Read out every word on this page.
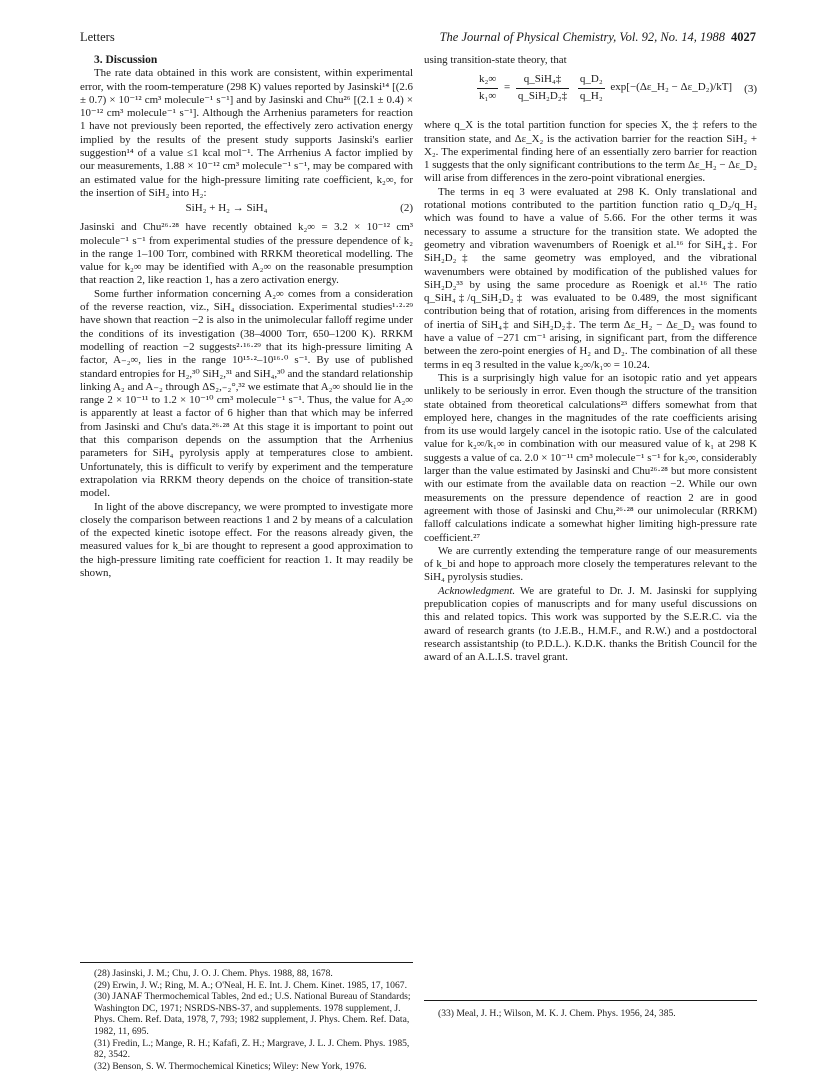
Letters	The Journal of Physical Chemistry, Vol. 92, No. 14, 1988 4027

3. Discussion

The rate data obtained in this work are consistent, within experimental error, with the room-temperature (298 K) values reported by Jasinski¹⁴ [(2.6 ± 0.7) × 10⁻¹² cm³ molecule⁻¹ s⁻¹] and by Jasinski and Chu²⁶ [(2.1 ± 0.4) × 10⁻¹² cm³ molecule⁻¹ s⁻¹]. Although the Arrhenius parameters for reaction 1 have not previously been reported, the effectively zero activation energy implied by the results of the present study supports Jasinski's earlier suggestion¹⁴ of a value ≤1 kcal mol⁻¹. The Arrhenius A factor implied by our measurements, 1.88 × 10⁻¹² cm³ molecule⁻¹ s⁻¹, may be compared with an estimated value for the high-pressure limiting rate coefficient, k₂∞, for the insertion of SiH₂ into H₂:

SiH₂ + H₂ → SiH₄	(2)

Jasinski and Chu²⁶·²⁸ have recently obtained k₂∞ = 3.2 × 10⁻¹² cm³ molecule⁻¹ s⁻¹ from experimental studies of the pressure dependence of k₂ in the range 1–100 Torr, combined with RRKM theoretical modelling. The value for k₂∞ may be identified with A₂∞ on the reasonable presumption that reaction 2, like reaction 1, has a zero activation energy.

Some further information concerning A₂∞ comes from a consideration of the reverse reaction, viz., SiH₄ dissociation. Experimental studies¹·²·²⁹ have shown that reaction −2 is also in the unimolecular falloff regime under the conditions of its investigation (38–4000 Torr, 650–1200 K). RRKM modelling of reaction −2 suggests²·¹⁶·²⁹ that its high-pressure limiting A factor, A₋₂∞, lies in the range 10¹⁵·²–10¹⁶·⁰ s⁻¹. By use of published standard entropies for H₂,³⁰ SiH₂,³¹ and SiH₄,³⁰ and the standard relationship linking A₂ and A₋₂ through ΔS₂,₋₂°,³² we estimate that A₂∞ should lie in the range 2 × 10⁻¹¹ to 1.2 × 10⁻¹⁰ cm³ molecule⁻¹ s⁻¹. Thus, the value for A₂∞ is apparently at least a factor of 6 higher than that which may be inferred from Jasinski and Chu's data.²⁶·²⁸ At this stage it is important to point out that this comparison depends on the assumption that the Arrhenius parameters for SiH₄ pyrolysis apply at temperatures close to ambient. Unfortunately, this is difficult to verify by experiment and the temperature extrapolation via RRKM theory depends on the choice of transition-state model.

In light of the above discrepancy, we were prompted to investigate more closely the comparison between reactions 1 and 2 by means of a calculation of the expected kinetic isotope effect. For the reasons already given, the measured values for k_bi are thought to represent a good approximation to the high-pressure limiting rate coefficient for reaction 1. It may readily be shown,

(28) Jasinski, J. M.; Chu, J. O. J. Chem. Phys. 1988, 88, 1678.
(29) Erwin, J. W.; Ring, M. A.; O'Neal, H. E. Int. J. Chem. Kinet. 1985, 17, 1067.
(30) JANAF Thermochemical Tables, 2nd ed.; U.S. National Bureau of Standards; Washington DC, 1971; NSRDS-NBS-37, and supplements. 1978 supplement, J. Phys. Chem. Ref. Data, 1978, 7, 793; 1982 supplement, J. Phys. Chem. Ref. Data, 1982, 11, 695.
(31) Fredin, L.; Mange, R. H.; Kafafi, Z. H.; Margrave, J. L. J. Chem. Phys. 1985, 82, 3542.
(32) Benson, S. W. Thermochemical Kinetics; Wiley: New York, 1976.

using transition-state theory, that

$\frac{\text{k₂∞}}{\text{k₁∞}} = \frac{\text{q\_SiH₄‡}}{\text{q\_SiH₂D₂‡}}$
$\frac{\text{q\_D₂}}{\text{q\_H₂}}$ exp[−(Δε_H₂ − Δε_D₂)/kT] (3)

where q_X is the total partition function for species X, the ‡ refers to the transition state, and Δε_X₂ is the activation barrier for the reaction SiH₂ + X₂. The experimental finding here of an essentially zero barrier for reaction 1 suggests that the only significant contributions to the term Δε_H₂ − Δε_D₂ will arise from differences in the zero-point vibrational energies.

The terms in eq 3 were evaluated at 298 K. Only translational and rotational motions contributed to the partition function ratio q_D₂/q_H₂ which was found to have a value of 5.66. For the other terms it was necessary to assume a structure for the transition state. We adopted the geometry and vibration wavenumbers of Roenigk et al.¹⁶ for SiH₄‡. For SiH₂D₂‡ the same geometry was employed, and the vibrational wavenumbers were obtained by modification of the published values for SiH₂D₂³³ by using the same procedure as Roenigk et al.¹⁶ The ratio q_SiH₄‡/q_SiH₂D₂‡ was evaluated to be 0.489, the most significant contribution being that of rotation, arising from differences in the moments of inertia of SiH₄‡ and SiH₂D₂‡. The term Δε_H₂ − Δε_D₂ was found to have a value of −271 cm⁻¹ arising, in significant part, from the difference between the zero-point energies of H₂ and D₂. The combination of all these terms in eq 3 resulted in the value k₂∞/k₁∞ = 10.24.

This is a surprisingly high value for an isotopic ratio and yet appears unlikely to be seriously in error. Even though the structure of the transition state obtained from theoretical calculations²³ differs somewhat from that employed here, changes in the magnitudes of the rate coefficients arising from its use would largely cancel in the isotopic ratio. Use of the calculated value for k₂∞/k₁∞ in combination with our measured value of k₁ at 298 K suggests a value of ca. 2.0 × 10⁻¹¹ cm³ molecule⁻¹ s⁻¹ for k₂∞, considerably larger than the value estimated by Jasinski and Chu²⁶·²⁸ but more consistent with our estimate from the available data on reaction −2. While our own measurements on the pressure dependence of reaction 2 are in good agreement with those of Jasinski and Chu,²⁶·²⁸ our unimolecular (RRKM) falloff calculations indicate a somewhat higher limiting high-pressure rate coefficient.²⁷

We are currently extending the temperature range of our measurements of k_bi and hope to approach more closely the temperatures relevant to the SiH₄ pyrolysis studies.

Acknowledgment. We are grateful to Dr. J. M. Jasinski for supplying prepublication copies of manuscripts and for many useful discussions on this and related topics. This work was supported by the S.E.R.C. via the award of research grants (to J.E.B., H.M.F., and R.W.) and a postdoctoral research assistantship (to P.D.L.). K.D.K. thanks the British Council for the award of an A.L.I.S. travel grant.

(33) Meal, J. H.; Wilson, M. K. J. Chem. Phys. 1956, 24, 385.
